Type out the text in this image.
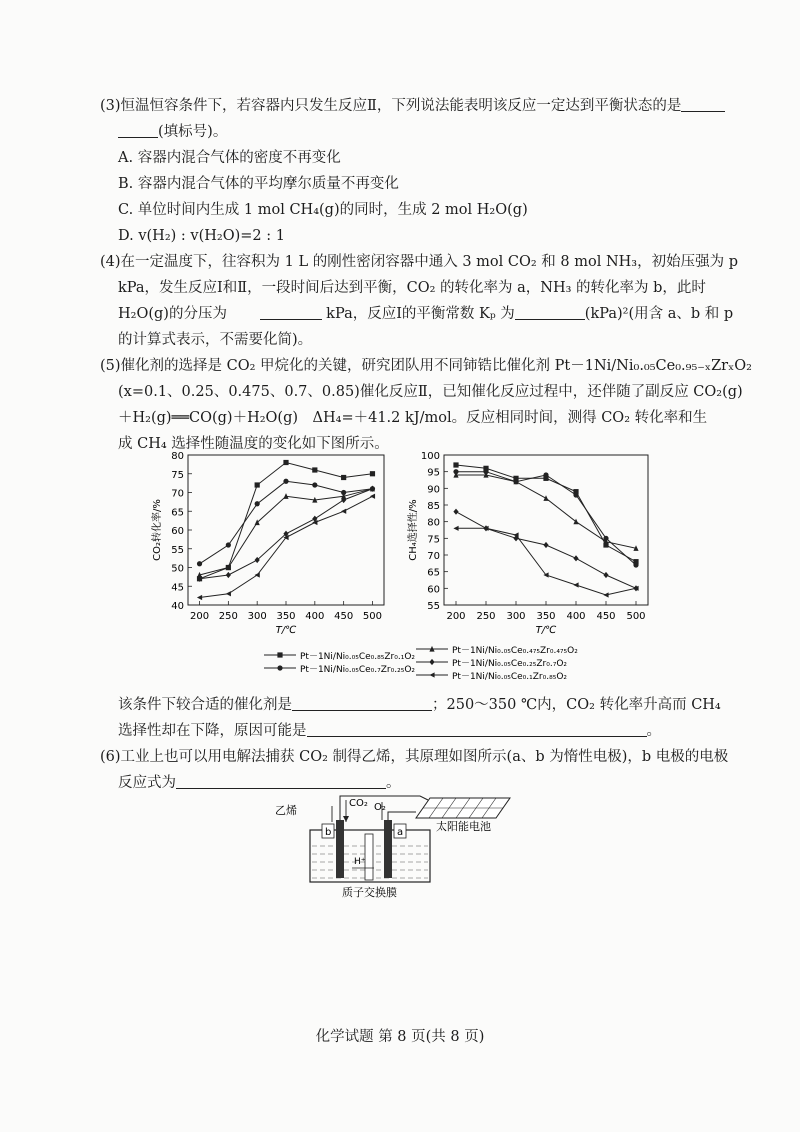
(3)恒温恒容条件下，若容器内只发生反应Ⅱ，下列说法能表明该反应一定达到平衡状态的是
(填标号)。
A. 容器内混合气体的密度不再变化
B. 容器内混合气体的平均摩尔质量不再变化
C. 单位时间内生成 1 mol CH₄(g)的同时，生成 2 mol H₂O(g)
D. v(H₂) : v(H₂O)=2 : 1
(4)在一定温度下，往容积为 1 L 的刚性密闭容器中通入 3 mol CO₂ 和 8 mol NH₃，初始压强为 p
kPa，发生反应Ⅰ和Ⅱ，一段时间后达到平衡，CO₂ 的转化率为 a，NH₃ 的转化率为 b，此时
H₂O(g)的分压为	kPa，反应Ⅰ的平衡常数 Kₚ 为	(kPa)²(用含 a、b 和 p
的计算式表示，不需要化简)。
(5)催化剂的选择是 CO₂ 甲烷化的关键，研究团队用不同铈锆比催化剂 Pt－1Ni/Ni₀.₀₅Ce₀.₉₅₋ₓZrₓO₂
(x=0.1、0.25、0.475、0.7、0.85)催化反应Ⅱ，已知催化反应过程中，还伴随了副反应 CO₂(g)
＋H₂(g)══CO(g)＋H₂O(g)　ΔH₄=＋41.2 kJ/mol。反应相同时间，测得 CO₂ 转化率和生
成 CH₄ 选择性随温度的变化如下图所示。
40
45
50
55
60
65
70
75
80
200 250 300 350 400 450 500
T/℃
CO₂转化率/%
55
60
65
70
75
80
85
90
95
100
200 250 300 350 400 450 500
T/℃
CH₄选择性/%
Pt－1Ni/Ni₀.₀₅Ce₀.₈₅Zr₀.₁O₂
Pt－1Ni/Ni₀.₀₅Ce₀.₇Zr₀.₂₅O₂
Pt－1Ni/Ni₀.₀₅Ce₀.₄₇₅Zr₀.₄₇₅O₂
Pt－1Ni/Ni₀.₀₅Ce₀.₂₅Zr₀.₇O₂
Pt－1Ni/Ni₀.₀₅Ce₀.₁Zr₀.₈₅O₂
该条件下较合适的催化剂是	；250～350 ℃内，CO₂ 转化率升高而 CH₄
选择性却在下降，原因可能是	。
(6)工业上也可以用电解法捕获 CO₂ 制得乙烯，其原理如图所示(a、b 为惰性电极)，b 电极的电极
反应式为	。
乙烯
CO₂ O₂
太阳能电池
b	a
H⁺
质子交换膜
化学试题 第 8 页(共 8 页)
